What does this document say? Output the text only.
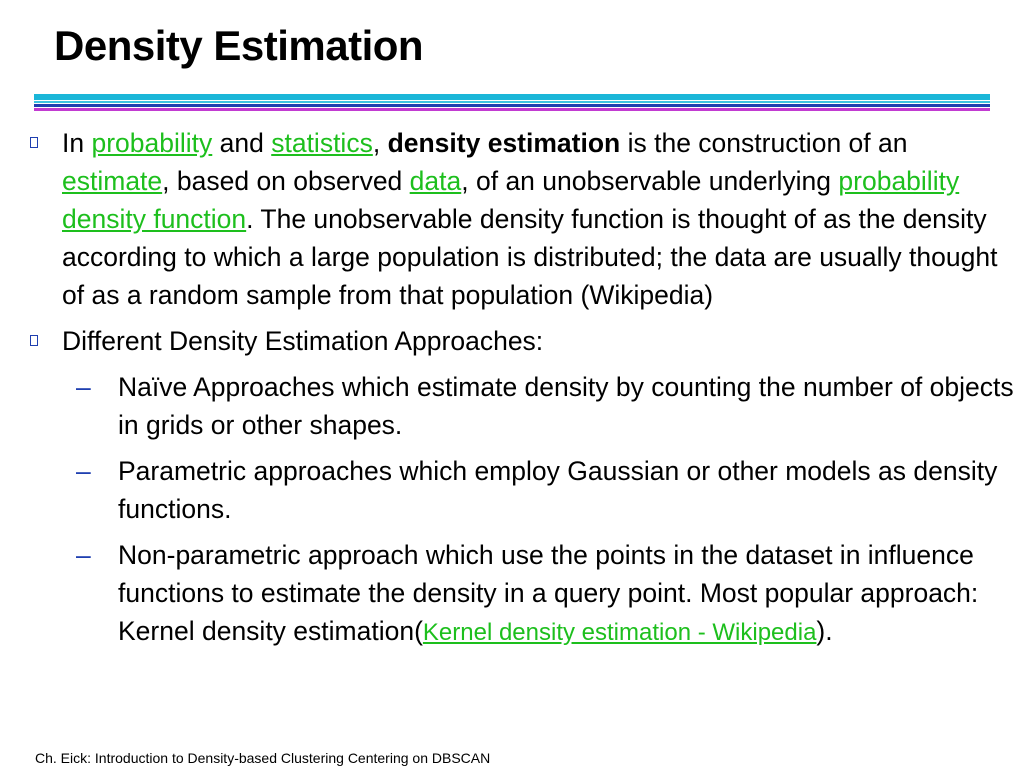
Density Estimation
In probability and statistics, density estimation is the construction of an estimate, based on observed data, of an unobservable underlying probability density function. The unobservable density function is thought of as the density according to which a large population is distributed; the data are usually thought of as a random sample from that population (Wikipedia)
Different Density Estimation Approaches:
– Naïve Approaches which estimate density by counting the number of objects in grids or other shapes.
– Parametric approaches which employ Gaussian or other models as density functions.
– Non-parametric approach which use the points in the dataset in influence functions to estimate the density in a query point. Most popular approach: Kernel density estimation(Kernel density estimation - Wikipedia).
Ch. Eick: Introduction to Density-based Clustering Centering on DBSCAN
